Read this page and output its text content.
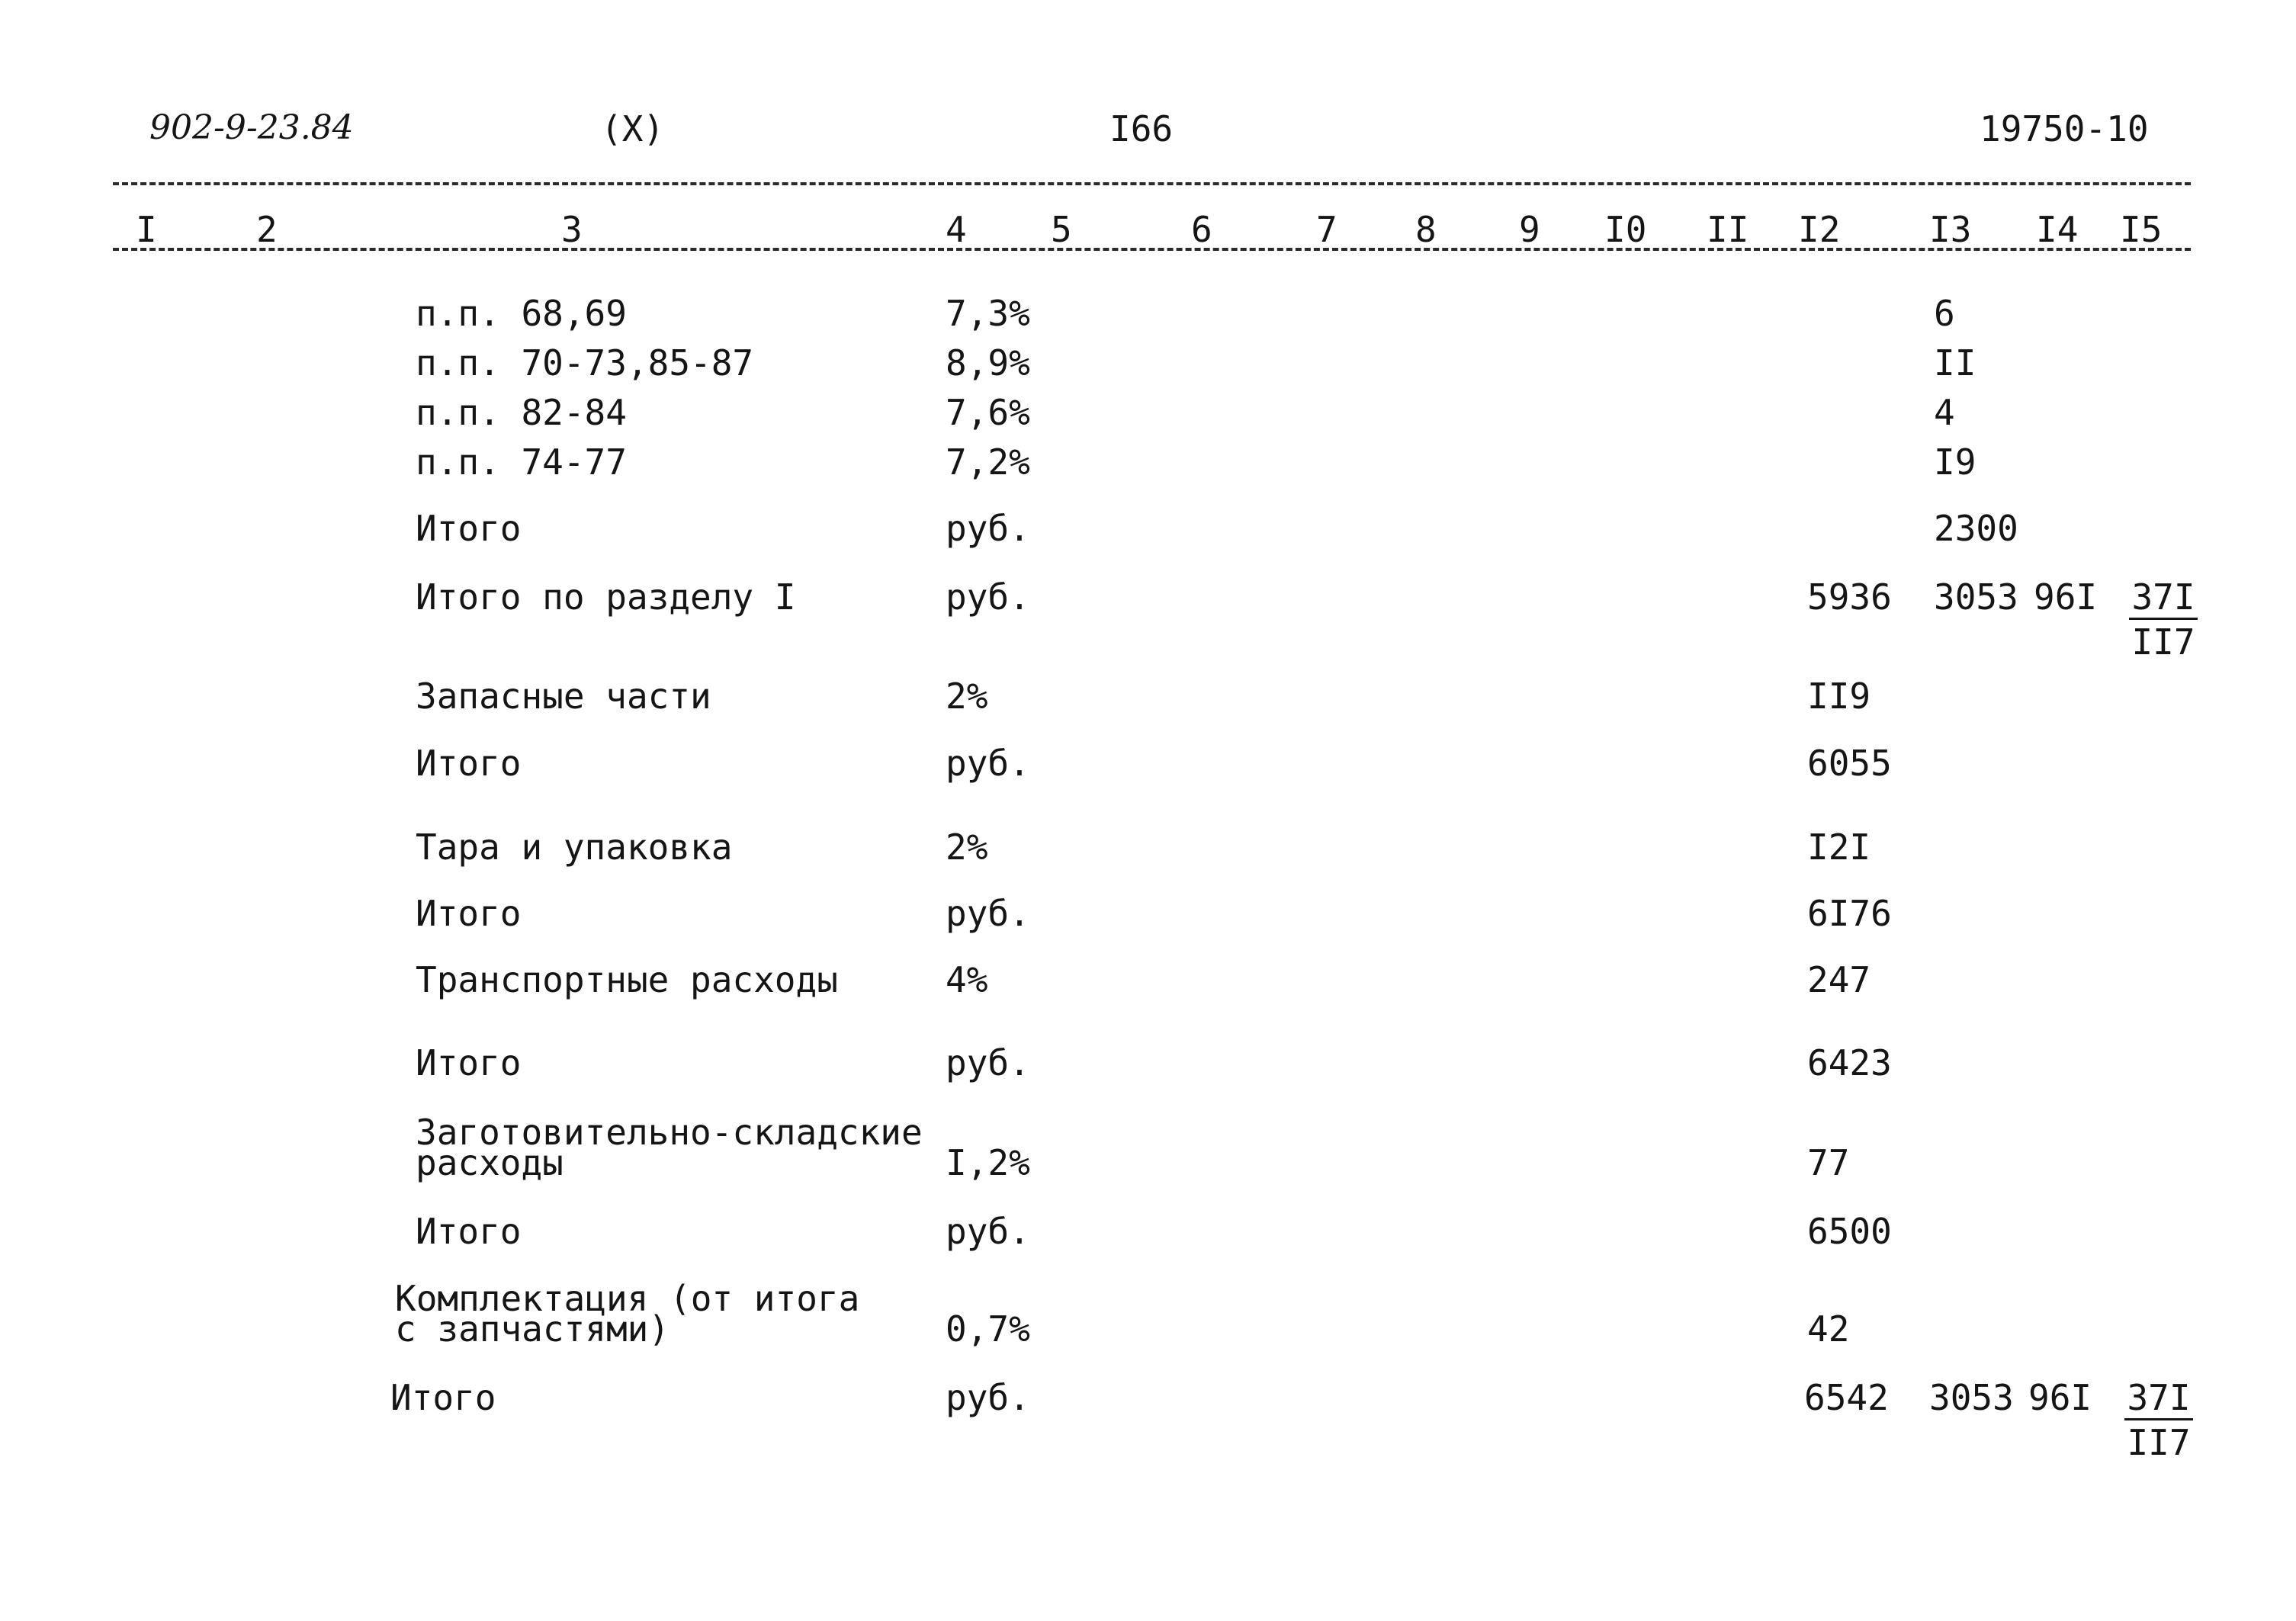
902-9-23.84	(X)	I66	19750-10
I	2	3	4 5	6	7 8 9 I0 II I2	I3 I4 I5
п.п. 68,69	7,3%	6
п.п. 70-73,85-87	8,9%	II
п.п. 82-84	7,6%	4
п.п. 74-77	7,2%	I9
Итого	руб.	2300
Итого по разделу I	руб.	5936 3053 $96I \frac{37I}{II7}$
Запасные части	2%	II9
Итого	руб.	6055
Тара и упаковка	2%	I2I
Итого	руб.	6I76
Транспортные расходы	4%	247
Итого	руб.	6423
Заготовительно-складские
расходы	I,2%	77
Итого	руб.	6500
Комплектация (от итога
с запчастями)	0,7%	42
Итого	руб.	6542 3053 $96I \frac{37I}{II7}$
